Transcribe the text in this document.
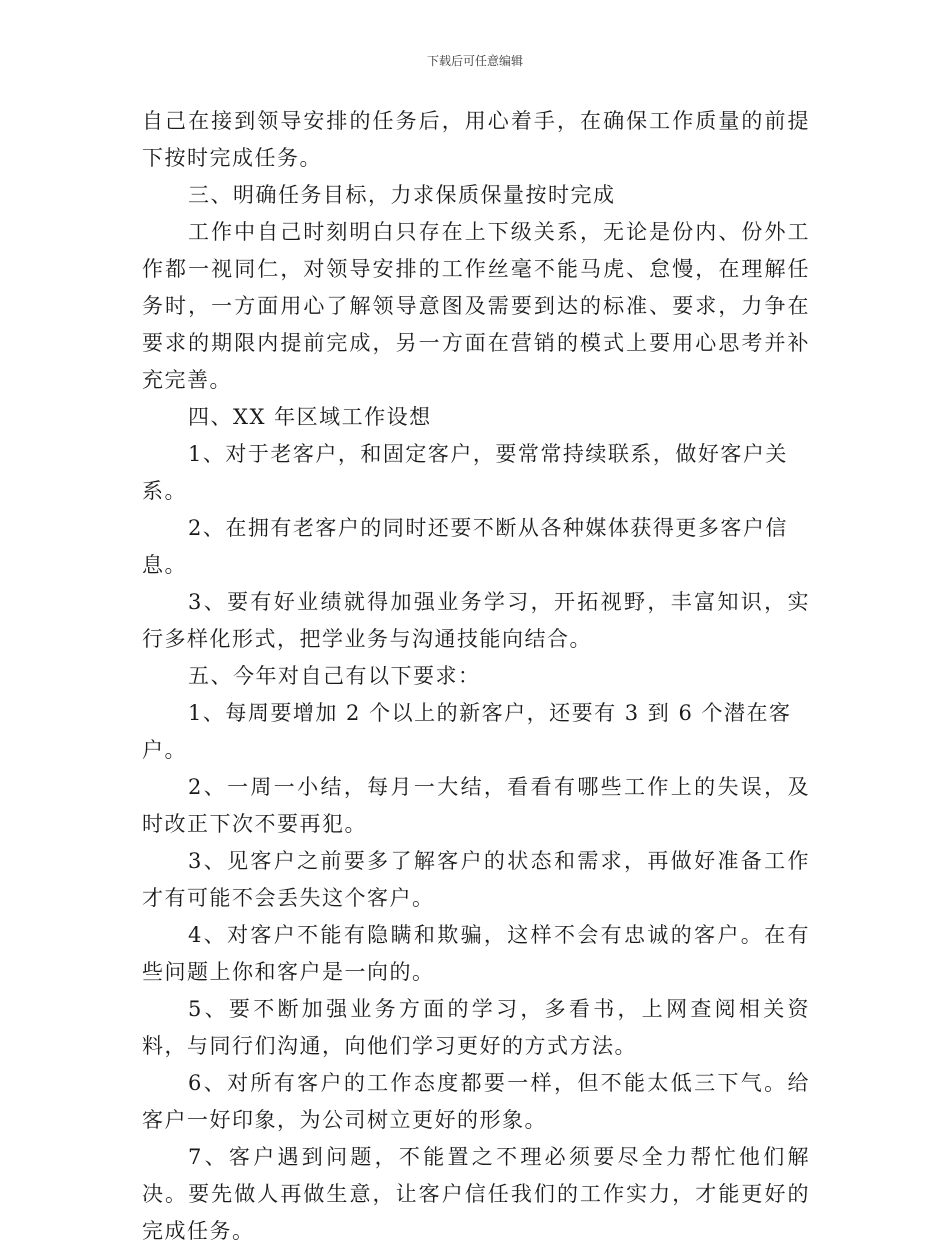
下载后可任意编辑

自己在接到领导安排的任务后，用心着手，在确保工作质量的前提下按时完成任务。

三、明确任务目标，力求保质保量按时完成

工作中自己时刻明白只存在上下级关系，无论是份内、份外工作都一视同仁，对领导安排的工作丝毫不能马虎、怠慢，在理解任务时，一方面用心了解领导意图及需要到达的标准、要求，力争在要求的期限内提前完成，另一方面在营销的模式上要用心思考并补充完善。

四、XX 年区域工作设想

1、对于老客户，和固定客户，要常常持续联系，做好客户关系。

2、在拥有老客户的同时还要不断从各种媒体获得更多客户信息。

3、要有好业绩就得加强业务学习，开拓视野，丰富知识，实行多样化形式，把学业务与沟通技能向结合。

五、今年对自己有以下要求：

1、每周要增加 2 个以上的新客户，还要有 3 到 6 个潜在客户。

2、一周一小结，每月一大结，看看有哪些工作上的失误，及时改正下次不要再犯。

3、见客户之前要多了解客户的状态和需求，再做好准备工作才有可能不会丢失这个客户。

4、对客户不能有隐瞒和欺骗，这样不会有忠诚的客户。在有些问题上你和客户是一向的。

5、要不断加强业务方面的学习，多看书，上网查阅相关资料，与同行们沟通，向他们学习更好的方式方法。

6、对所有客户的工作态度都要一样，但不能太低三下气。给客户一好印象，为公司树立更好的形象。

7、客户遇到问题，不能置之不理必须要尽全力帮忙他们解决。要先做人再做生意，让客户信任我们的工作实力，才能更好的完成任务。
